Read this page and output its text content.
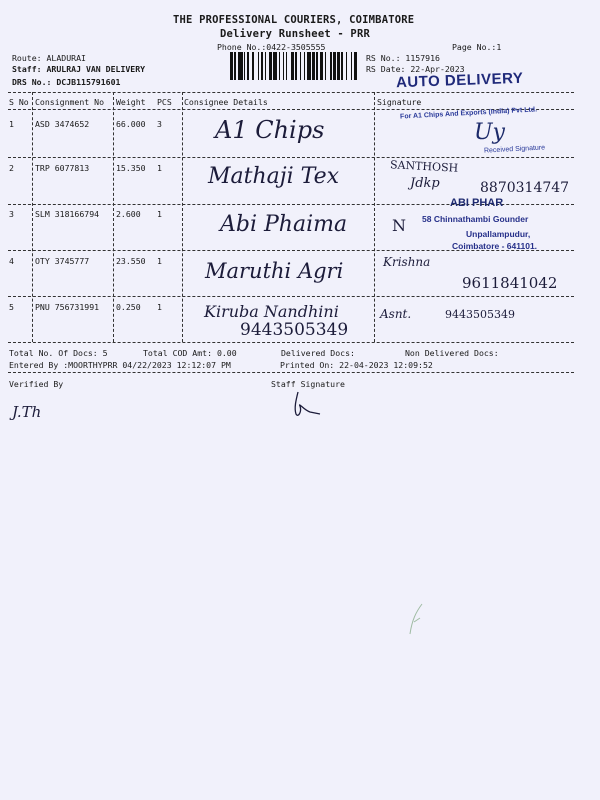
THE PROFESSIONAL COURIERS, COIMBATORE
Delivery Runsheet - PRR
Phone No.:0422-3505555	Page No.:1
Route: ALADURAI
Staff: ARULRAJ VAN DELIVERY
DRS No.: DCJB115791601
RS No.: 1157916
RS Date: 22-Apr-2023
AUTO DELIVERY
S No Consignment No Weight PCS Consignee Details	Signature
1	ASD 3474652	66.000 3 A1 Chips
For A1 Chips And Exports (India) Pvt Ltd.
Uy
Received Signature
2	TRP 6077813	15.350 1 Mathaji Tex	SANTHOSH
Jdkp	8870314747
3	SLM 318166794 2.600 1	Abi Phaima	N
ABI PHAR
58 Chinnathambi Gounder
Unpallampudur,
Coimbatore - 641101.
4	OTY 3745777	23.550 1 Maruthi Agri	Krishna
9611841042
5	PNU 756731991 0.250 1	Kiruba Nandhini
9443505349
Asnt.	9443505349
Total No. Of Docs: 5	Total COD Amt: 0.00	Delivered Docs:	Non Delivered Docs:
Entered By :MOORTHYPRR 04/22/2023 12:12:07 PM	Printed On: 22-04-2023 12:09:52
Verified By	Staff Signature
J.Th
